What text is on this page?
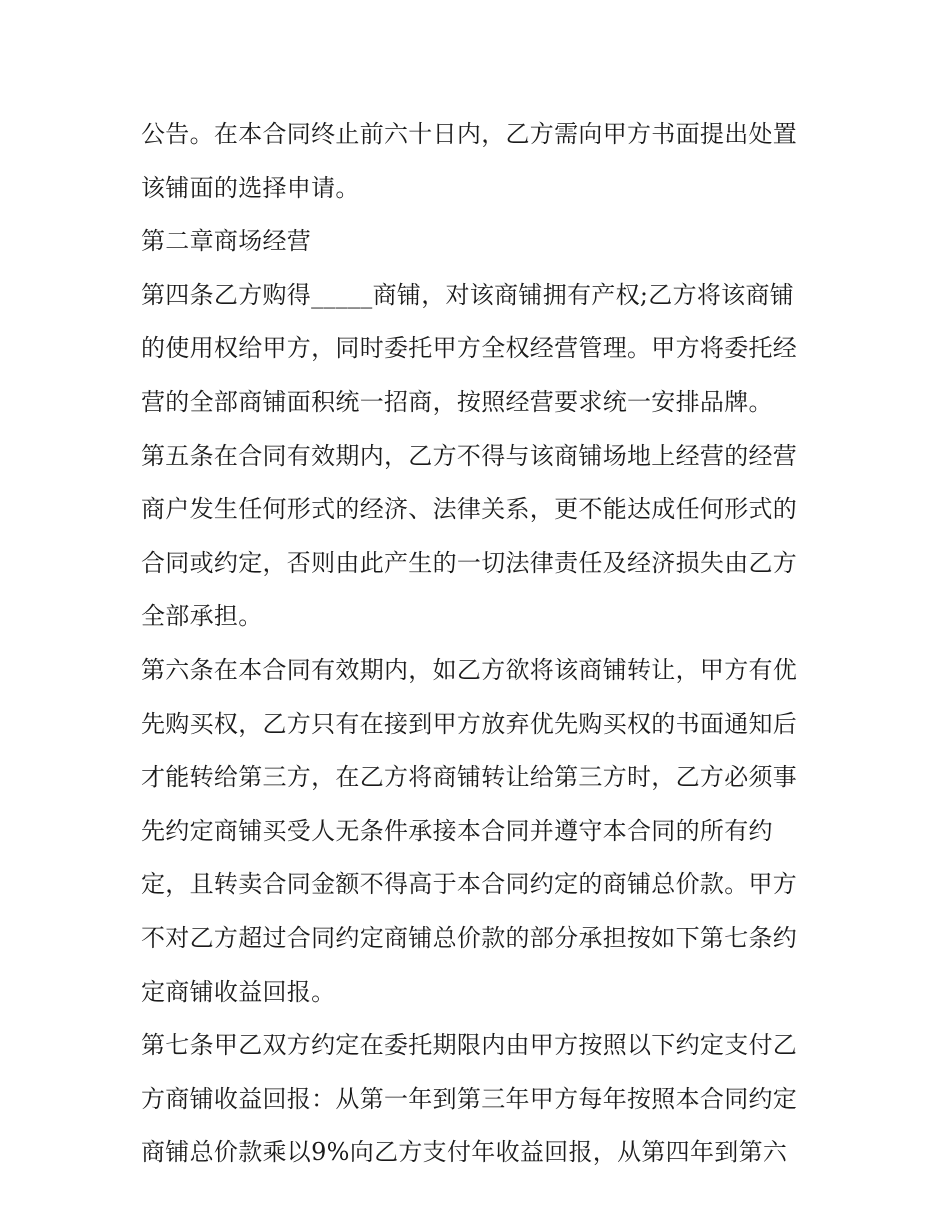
公告。在本合同终止前六十日内，乙方需向甲方书面提出处置
该铺面的选择申请。
第二章商场经营
第四条乙方购得_____商铺，对该商铺拥有产权;乙方将该商铺
的使用权给甲方，同时委托甲方全权经营管理。甲方将委托经
营的全部商铺面积统一招商，按照经营要求统一安排品牌。
第五条在合同有效期内，乙方不得与该商铺场地上经营的经营
商户发生任何形式的经济、法律关系，更不能达成任何形式的
合同或约定，否则由此产生的一切法律责任及经济损失由乙方
全部承担。
第六条在本合同有效期内，如乙方欲将该商铺转让，甲方有优
先购买权，乙方只有在接到甲方放弃优先购买权的书面通知后
才能转给第三方，在乙方将商铺转让给第三方时，乙方必须事
先约定商铺买受人无条件承接本合同并遵守本合同的所有约
定，且转卖合同金额不得高于本合同约定的商铺总价款。甲方
不对乙方超过合同约定商铺总价款的部分承担按如下第七条约
定商铺收益回报。
第七条甲乙双方约定在委托期限内由甲方按照以下约定支付乙
方商铺收益回报：从第一年到第三年甲方每年按照本合同约定
商铺总价款乘以9%向乙方支付年收益回报，从第四年到第六
